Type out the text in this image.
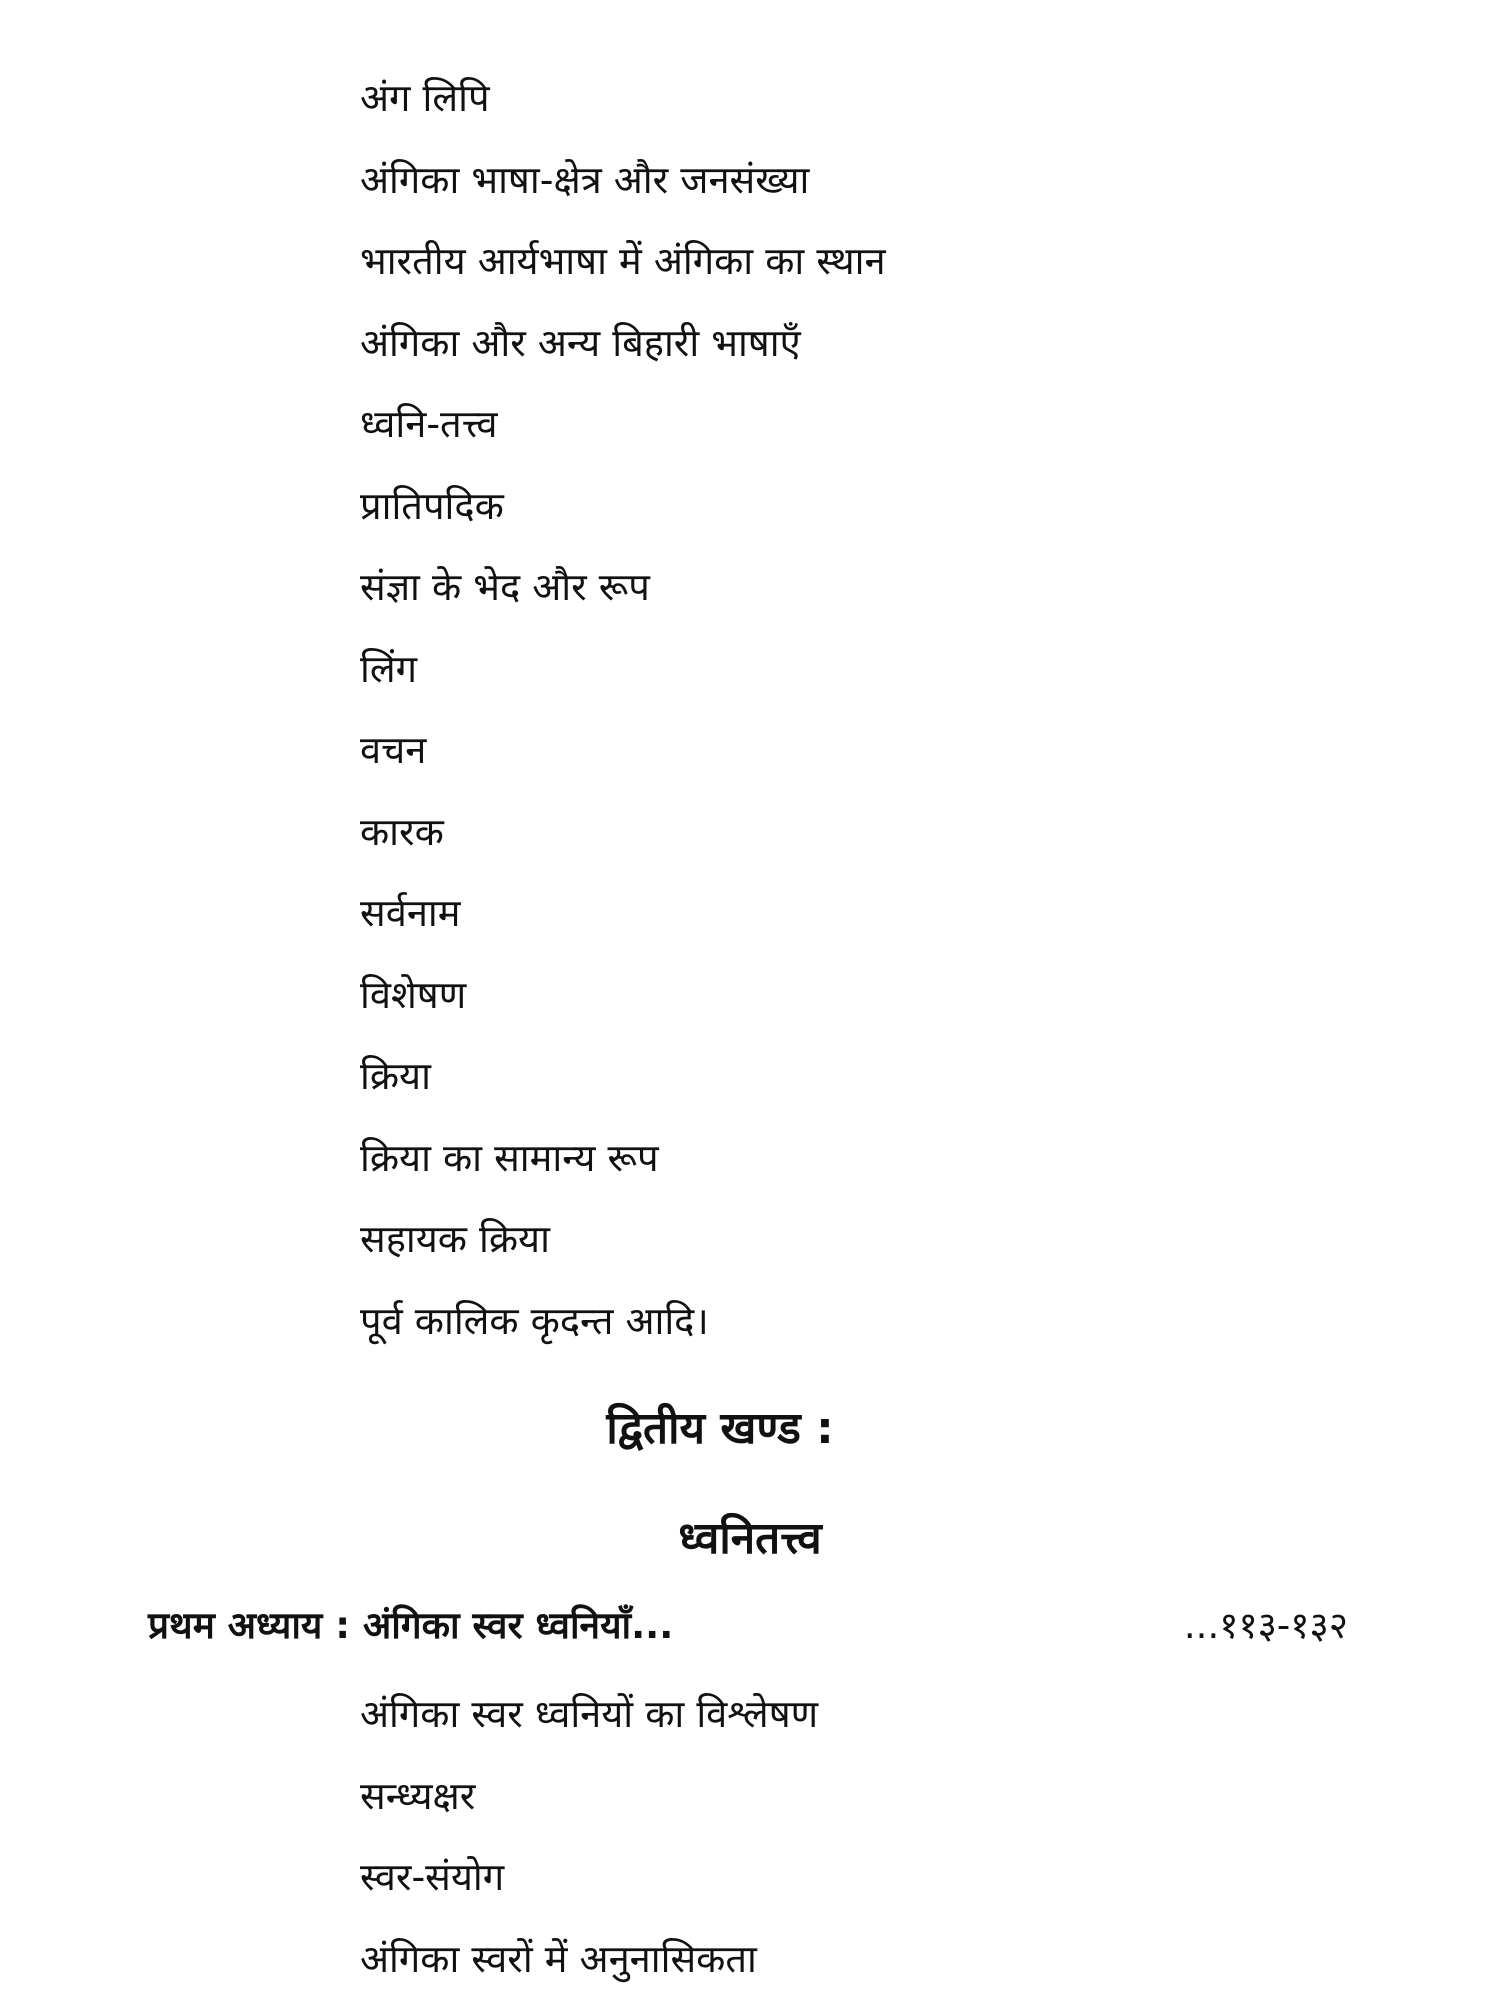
अंग लिपि
अंगिका भाषा-क्षेत्र और जनसंख्या
भारतीय आर्यभाषा में अंगिका का स्थान
अंगिका और अन्य बिहारी भाषाएँ
ध्वनि-तत्त्व
प्रातिपदिक
संज्ञा के भेद और रूप
लिंग
वचन
कारक
सर्वनाम
विशेषण
क्रिया
क्रिया का सामान्य रूप
सहायक क्रिया
पूर्व कालिक कृदन्त आदि।
द्वितीय खण्ड :
ध्वनितत्त्व
प्रथम अध्याय : अंगिका स्वर ध्वनियाँ...	...११३-१३२
अंगिका स्वर ध्वनियों का विश्लेषण
सन्ध्यक्षर
स्वर-संयोग
अंगिका स्वरों में अनुनासिकता
